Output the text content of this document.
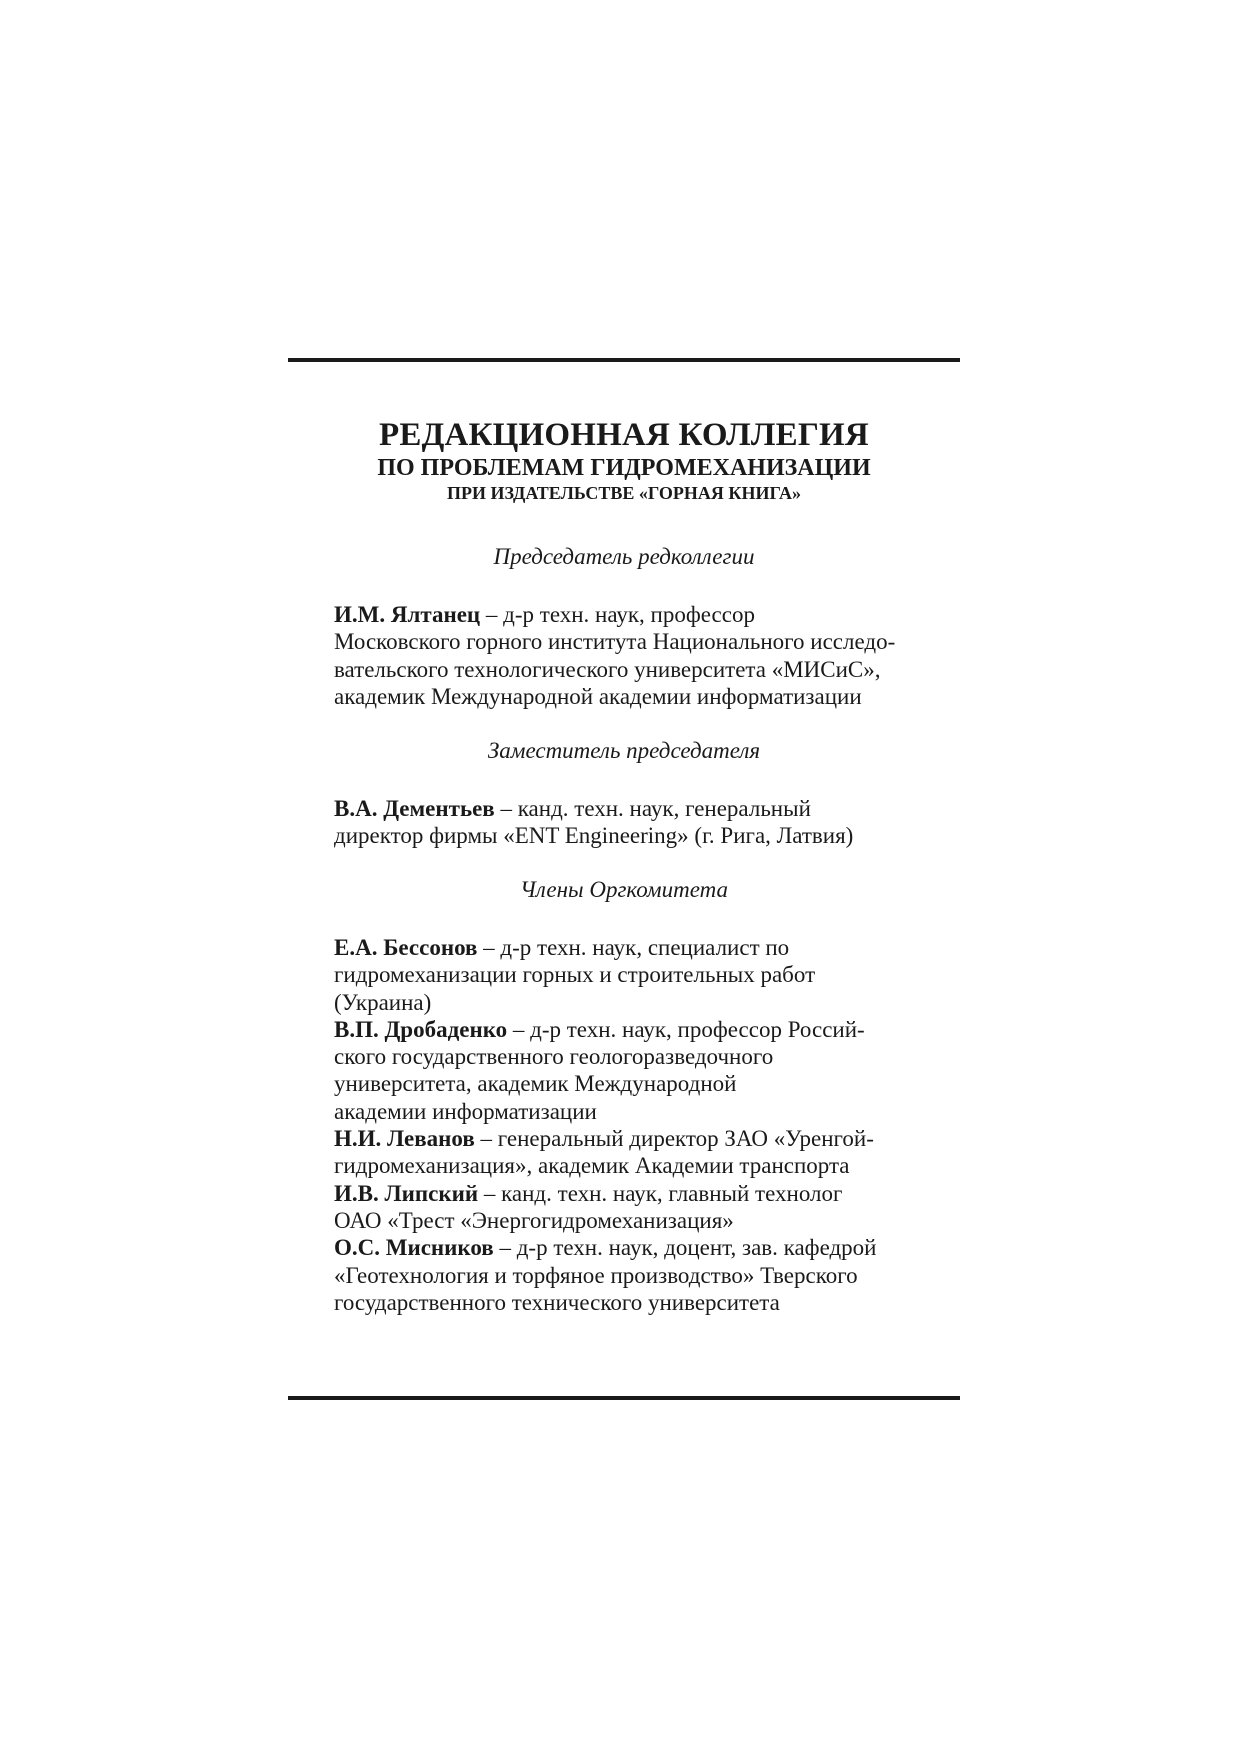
РЕДАКЦИОННАЯ КОЛЛЕГИЯ
ПО ПРОБЛЕМАМ ГИДРОМЕХАНИЗАЦИИ
ПРИ ИЗДАТЕЛЬСТВЕ «ГОРНАЯ КНИГА»
Председатель редколлегии
И.М. Ялтанец – д-р техн. наук, профессор
Московского горного института Национального исследо-
вательского технологического университета «МИСиС»,
академик Международной академии информатизации
Заместитель председателя
В.А. Дементьев – канд. техн. наук, генеральный
директор фирмы «ENT Engineering» (г. Рига, Латвия)
Члены Оргкомитета
Е.А. Бессонов – д-р техн. наук, специалист по
гидромеханизации горных и строительных работ
(Украина)
В.П. Дробаденко – д-р техн. наук, профессор Россий-
ского государственного геологоразведочного
университета, академик Международной
академии информатизации
Н.И. Леванов – генеральный директор ЗАО «Уренгой-
гидромеханизация», академик Академии транспорта
И.В. Липский – канд. техн. наук, главный технолог
ОАО «Трест «Энергогидромеханизация»
О.С. Мисников – д-р техн. наук, доцент, зав. кафедрой
«Геотехнология и торфяное производство» Тверского
государственного технического университета
